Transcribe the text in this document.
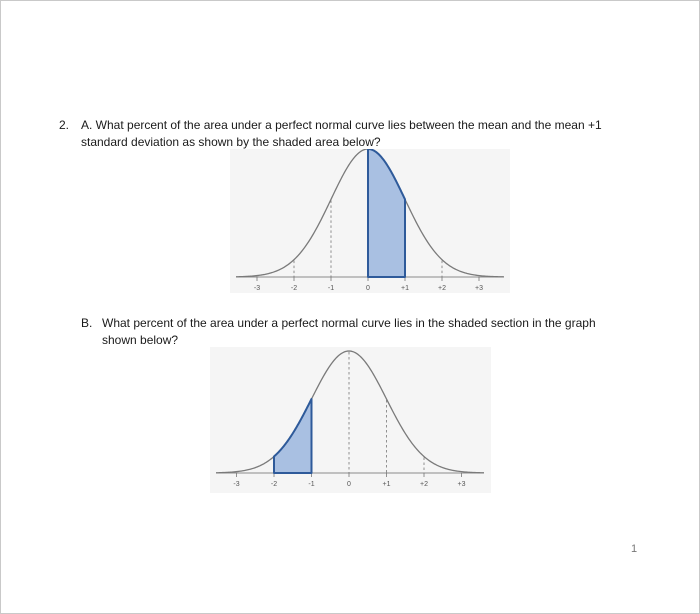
2. A. What percent of the area under a perfect normal curve lies between the mean and the mean +1
standard deviation as shown by the shaded area below?
-3	-2	-1	0	+1	+2	+3
B. What percent of the area under a perfect normal curve lies in the shaded section in the graph
shown below?
-3	-2	-1	0	+1	+2	+3
1
